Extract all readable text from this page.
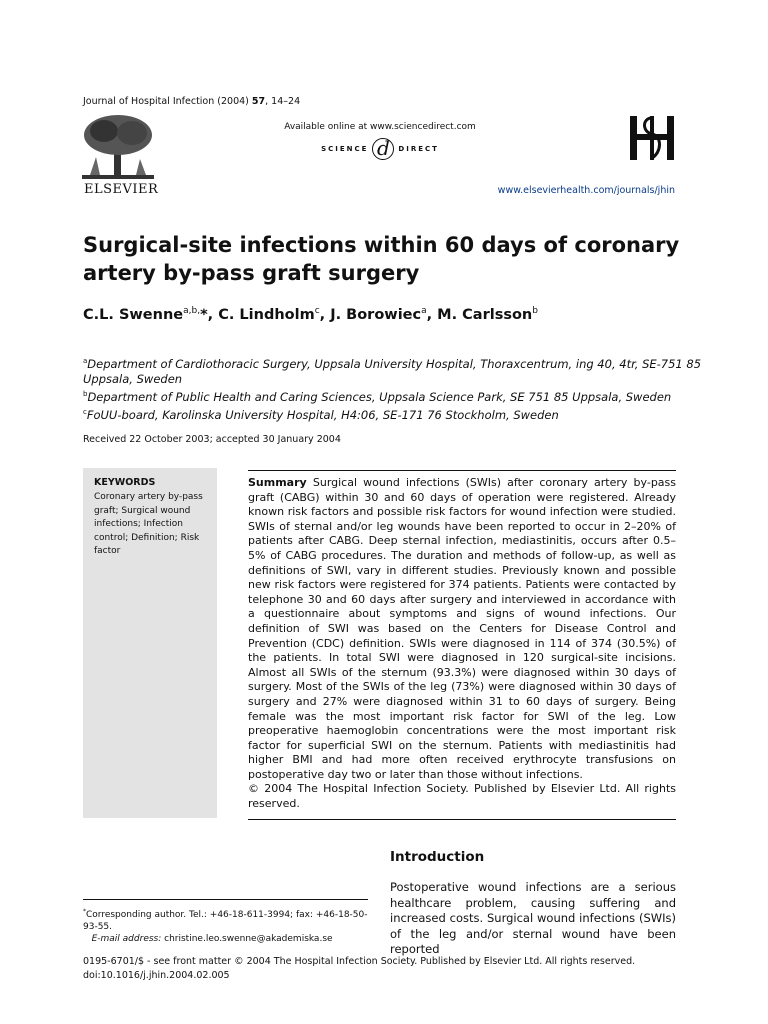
Journal of Hospital Infection (2004) 57, 14–24
ELSEVIER
Available online at www.sciencedirect.com
SCIENCE d	DIRECT
www.elsevierhealth.com/journals/jhin
Surgical-site infections within 60 days of coronary artery by-pass graft surgery
C.L. Swenne$^{a,b,}$*, C. Lindholm$^c$, J. Borowiec$^a$, M. Carlsson$^b$
$^a$Department of Cardiothoracic Surgery, Uppsala University Hospital, Thoraxcentrum, ing 40, 4tr, SE-751 85 Uppsala, Sweden
$^b$Department of Public Health and Caring Sciences, Uppsala Science Park, SE 751 85 Uppsala, Sweden
$^c$FoUU-board, Karolinska University Hospital, H4:06, SE-171 76 Stockholm, Sweden
Received 22 October 2003; accepted 30 January 2004
KEYWORDS
Coronary artery by-pass graft; Surgical wound infections; Infection control; Definition; Risk factor
Summary Surgical wound infections (SWIs) after coronary artery by-pass graft (CABG) within 30 and 60 days of operation were registered. Already known risk factors and possible risk factors for wound infection were studied. SWIs of sternal and/or leg wounds have been reported to occur in 2–20% of patients after CABG. Deep sternal infection, mediastinitis, occurs after 0.5–5% of CABG procedures. The duration and methods of follow-up, as well as definitions of SWI, vary in different studies. Previously known and possible new risk factors were registered for 374 patients. Patients were contacted by telephone 30 and 60 days after surgery and interviewed in accordance with a questionnaire about symptoms and signs of wound infections. Our definition of SWI was based on the Centers for Disease Control and Prevention (CDC) definition. SWIs were diagnosed in 114 of 374 (30.5%) of the patients. In total SWI were diagnosed in 120 surgical-site incisions. Almost all SWIs of the sternum (93.3%) were diagnosed within 30 days of surgery. Most of the SWIs of the leg (73%) were diagnosed within 30 days of surgery and 27% were diagnosed within 31 to 60 days of surgery. Being female was the most important risk factor for SWI of the leg. Low preoperative haemoglobin concentrations were the most important risk factor for superficial SWI on the sternum. Patients with mediastinitis had higher BMI and had more often received erythrocyte transfusions on postoperative day two or later than those without infections.
© 2004 The Hospital Infection Society. Published by Elsevier Ltd. All rights reserved.
Introduction
Postoperative wound infections are a serious healthcare problem, causing suffering and increased costs. Surgical wound infections (SWIs) of the leg and/or sternal wound have been reported
*Corresponding author. Tel.: +46-18-611-3994; fax: +46-18-50-93-55.
E-mail address: christine.leo.swenne@akademiska.se
0195-6701/$ - see front matter © 2004 The Hospital Infection Society. Published by Elsevier Ltd. All rights reserved.
doi:10.1016/j.jhin.2004.02.005
